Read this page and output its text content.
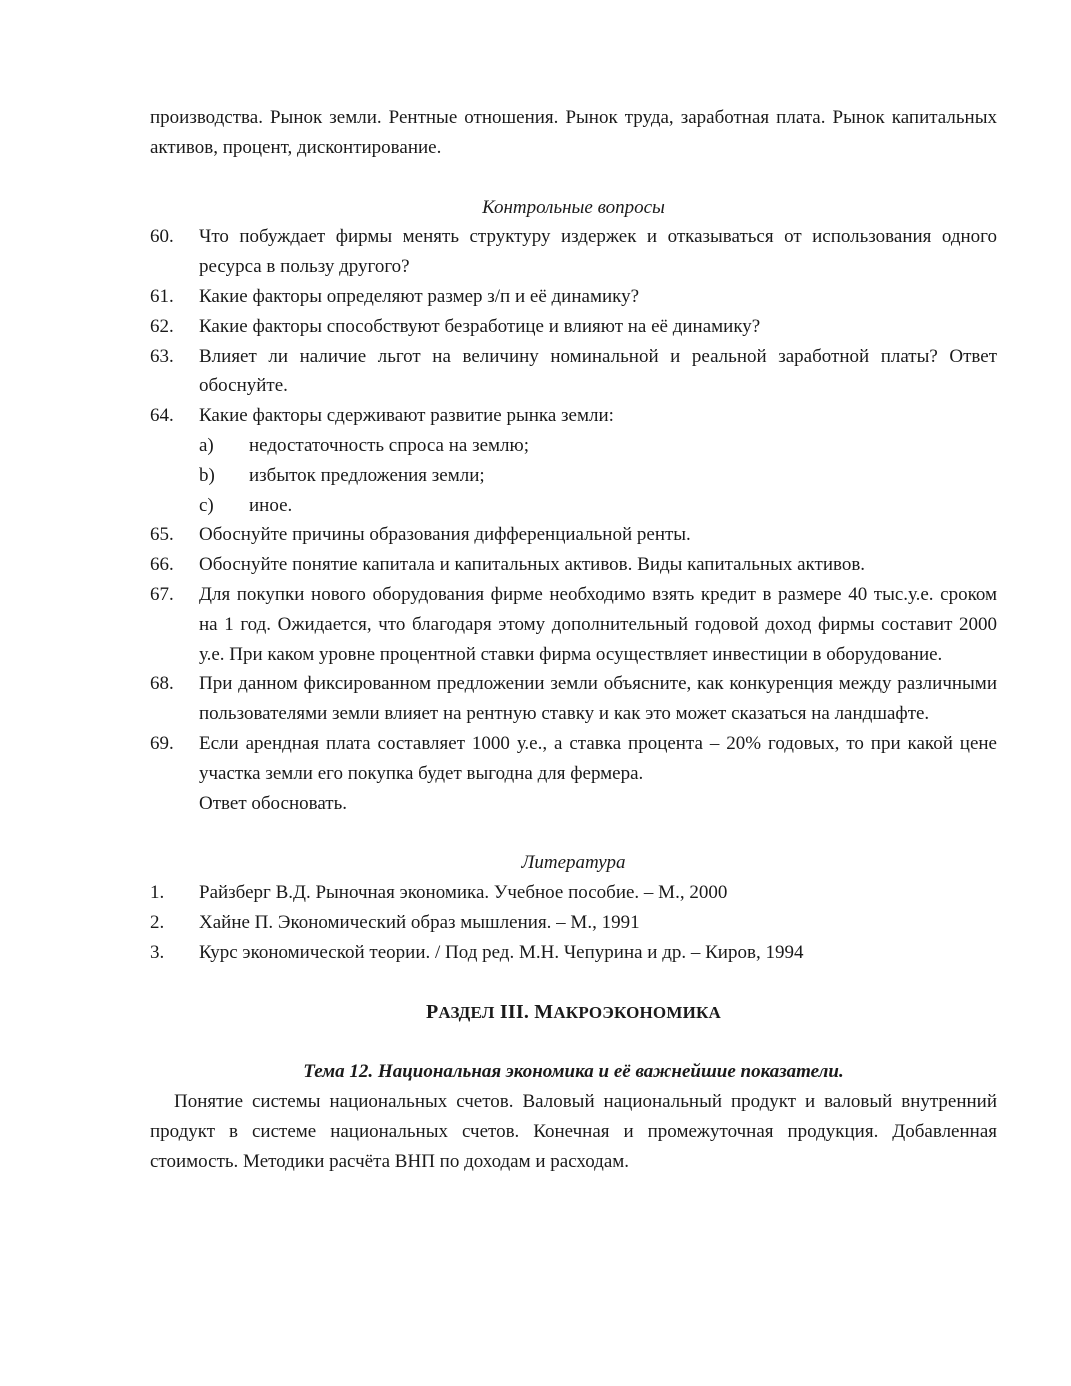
производства. Рынок земли. Рентные отношения. Рынок труда, заработная плата. Рынок капитальных активов, процент, дисконтирование.
Контрольные вопросы
60.	Что побуждает фирмы менять структуру издержек и отказываться от использования одного ресурса в пользу другого?
61.	Какие факторы определяют размер з/п и её динамику?
62.	Какие факторы способствуют безработице и влияют на её динамику?
63.	Влияет ли наличие льгот на величину номинальной и реальной заработной платы? Ответ обоснуйте.
64.	Какие факторы сдерживают развитие рынка земли:
a)	недостаточность спроса на землю;
b)	избыток предложения земли;
c)	иное.
65.	Обоснуйте причины образования дифференциальной ренты.
66.	Обоснуйте понятие капитала и капитальных активов. Виды капитальных активов.
67.	Для покупки нового оборудования фирме необходимо взять кредит в размере 40 тыс.у.е. сроком на 1 год. Ожидается, что благодаря этому дополнительный годовой доход фирмы составит 2000 у.е. При каком уровне процентной ставки фирма осуществляет инвестиции в оборудование.
68.	При данном фиксированном предложении земли объясните, как конкуренция между различными пользователями земли влияет на рентную ставку и как это может сказаться на ландшафте.
69.	Если арендная плата составляет 1000 у.е., а ставка процента – 20% годовых, то при какой цене участка земли его покупка будет выгодна для фермера.
Ответ обосновать.
Литература
1.	Райзберг В.Д. Рыночная экономика. Учебное пособие. – М., 2000
2.	Хайне П. Экономический образ мышления. – М., 1991
3.	Курс экономической теории. / Под ред. М.Н. Чепурина и др. – Киров, 1994
РАЗДЕЛ III. МАКРОЭКОНОМИКА
Тема 12. Национальная экономика и её важнейшие показатели.
Понятие системы национальных счетов. Валовый национальный продукт и валовый внутренний продукт в системе национальных счетов. Конечная и промежуточная продукция. Добавленная стоимость. Методики расчёта ВНП по доходам и расходам.
